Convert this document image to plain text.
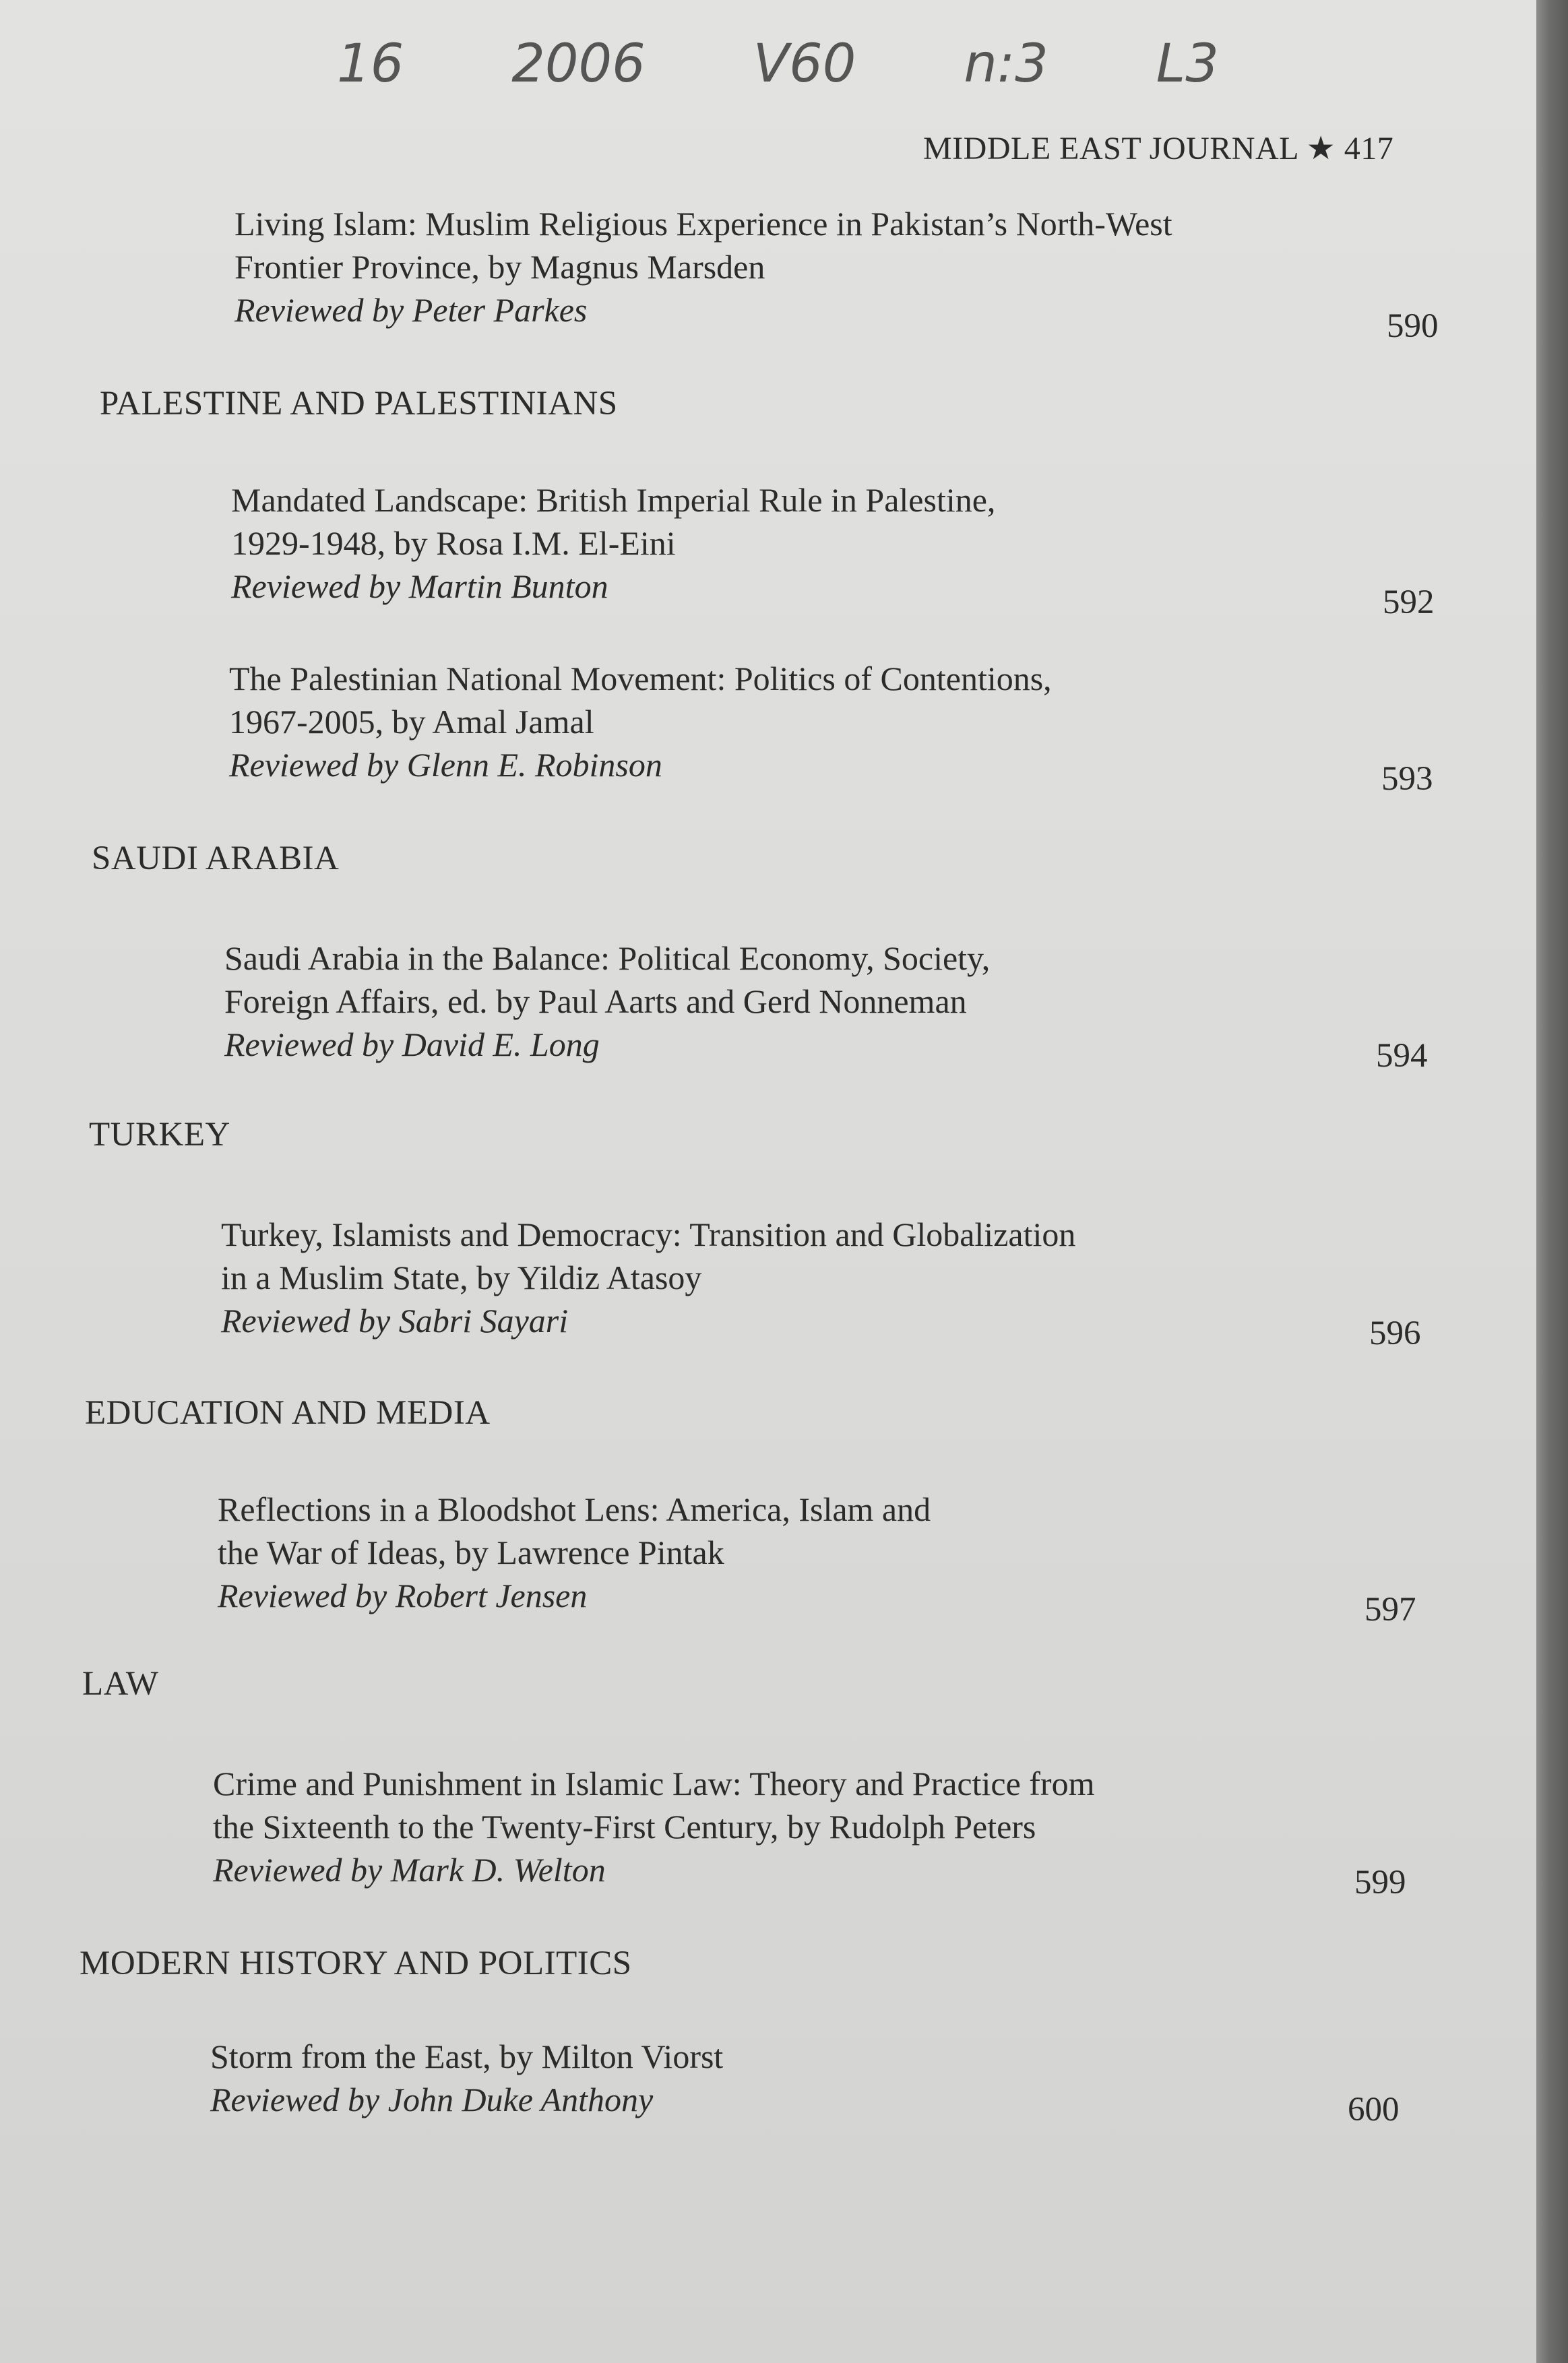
16 2006 V60 n:3 L3
MIDDLE EAST JOURNAL ★ 417
Living Islam: Muslim Religious Experience in Pakistan’s North-West
Frontier Province, by Magnus Marsden
Reviewed by Peter Parkes	590
PALESTINE AND PALESTINIANS
Mandated Landscape: British Imperial Rule in Palestine,
1929-1948, by Rosa I.M. El-Eini
Reviewed by Martin Bunton	592
The Palestinian National Movement: Politics of Contentions,
1967-2005, by Amal Jamal
Reviewed by Glenn E. Robinson	593
SAUDI ARABIA
Saudi Arabia in the Balance: Political Economy, Society,
Foreign Affairs, ed. by Paul Aarts and Gerd Nonneman
Reviewed by David E. Long	594
TURKEY
Turkey, Islamists and Democracy: Transition and Globalization
in a Muslim State, by Yildiz Atasoy
Reviewed by Sabri Sayari	596
EDUCATION AND MEDIA
Reflections in a Bloodshot Lens: America, Islam and
the War of Ideas, by Lawrence Pintak
Reviewed by Robert Jensen	597
LAW
Crime and Punishment in Islamic Law: Theory and Practice from
the Sixteenth to the Twenty-First Century, by Rudolph Peters
Reviewed by Mark D. Welton	599
MODERN HISTORY AND POLITICS
Storm from the East, by Milton Viorst
Reviewed by John Duke Anthony	600
